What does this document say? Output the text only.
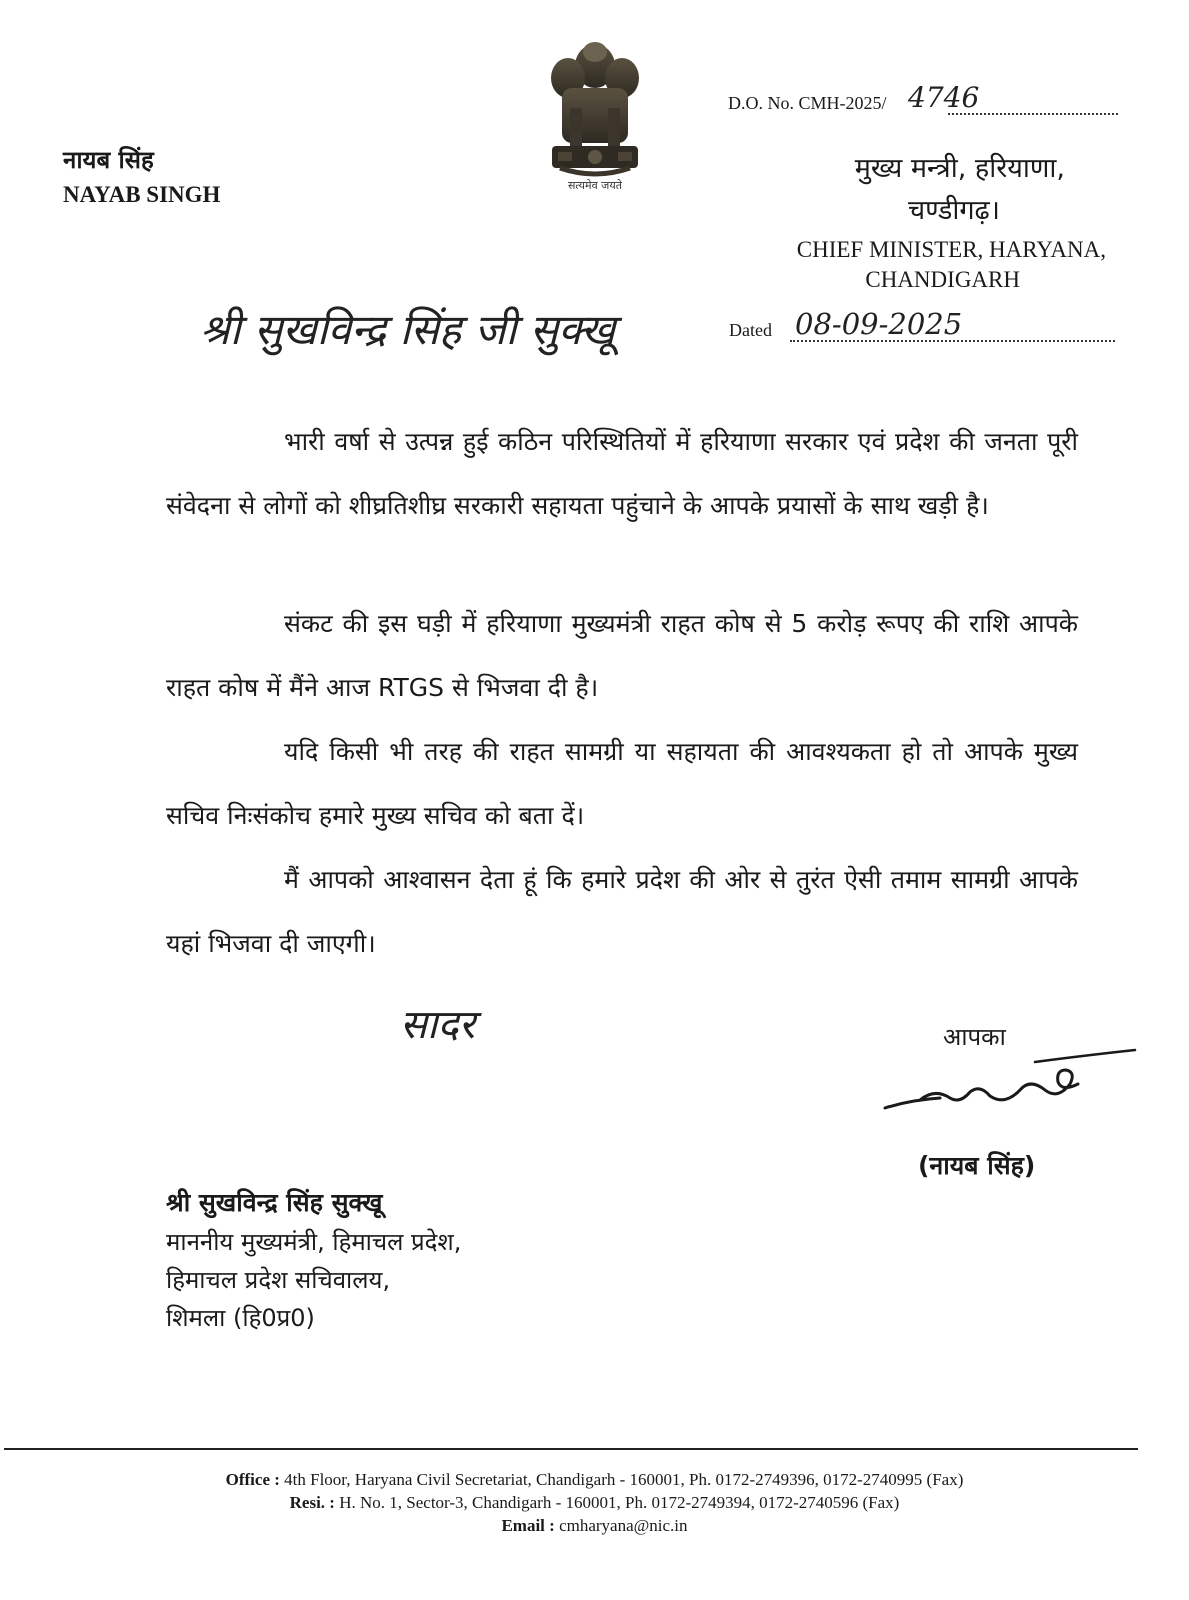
सत्यमेव जयते
नायब सिंह
NAYAB SINGH
D.O. No. CMH-2025/ 4746
मुख्य मन्त्री, हरियाणा,
चण्डीगढ़।
CHIEF MINISTER, HARYANA,
CHANDIGARH
श्री सुखविन्द्र सिंह जी सुक्खू	Dated 08-09-2025
भारी वर्षा से उत्पन्न हुई कठिन परिस्थितियों में हरियाणा सरकार एवं प्रदेश की जनता पूरी संवेदना से लोगों को शीघ्रतिशीघ्र सरकारी सहायता पहुंचाने के आपके प्रयासों के साथ खड़ी है।
संकट की इस घड़ी में हरियाणा मुख्यमंत्री राहत कोष से 5 करोड़ रूपए की राशि आपके राहत कोष में मैंने आज RTGS से भिजवा दी है।
यदि किसी भी तरह की राहत सामग्री या सहायता की आवश्यकता हो तो आपके मुख्य सचिव निःसंकोच हमारे मुख्य सचिव को बता दें।
मैं आपको आश्वासन देता हूं कि हमारे प्रदेश की ओर से तुरंत ऐसी तमाम सामग्री आपके यहां भिजवा दी जाएगी।
सादर	आपका
(नायब सिंह)
श्री सुखविन्द्र सिंह सुक्खू
माननीय मुख्यमंत्री, हिमाचल प्रदेश,
हिमाचल प्रदेश सचिवालय,
शिमला (हि0प्र0)
Office : 4th Floor, Haryana Civil Secretariat, Chandigarh - 160001, Ph. 0172-2749396, 0172-2740995 (Fax)
Resi. : H. No. 1, Sector-3, Chandigarh - 160001, Ph. 0172-2749394, 0172-2740596 (Fax)
Email : cmharyana@nic.in
